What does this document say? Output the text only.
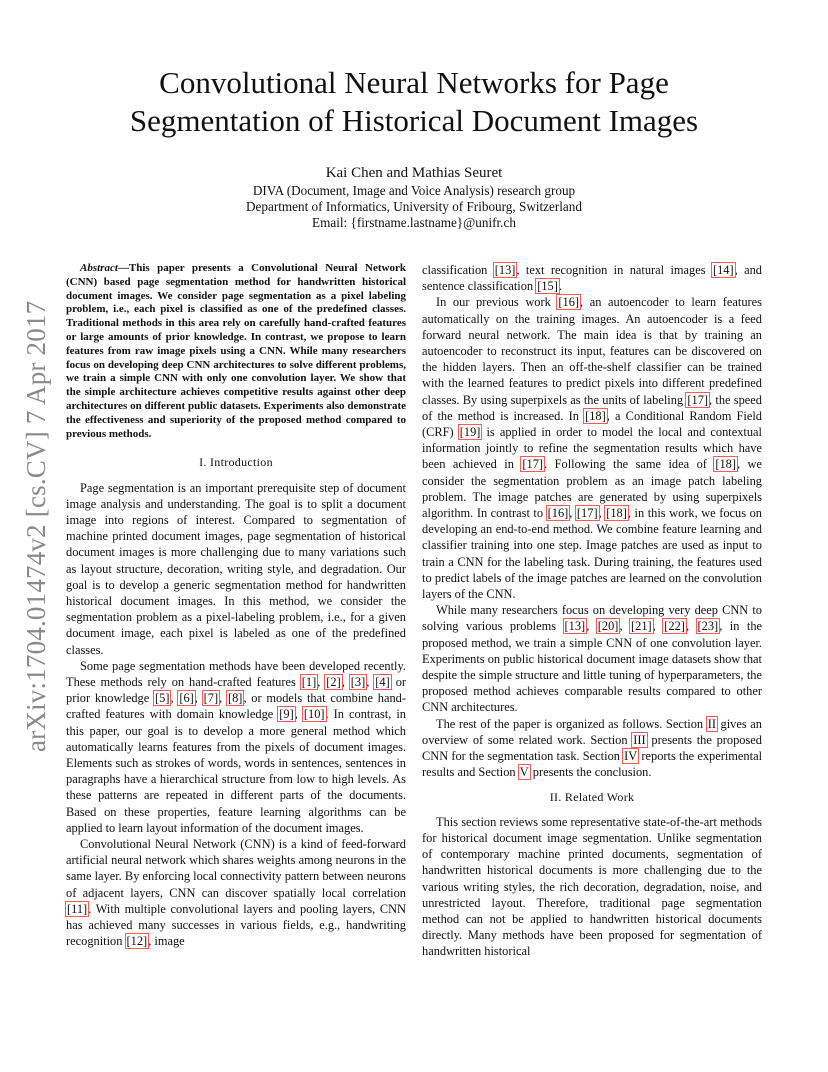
Convolutional Neural Networks for Page
Segmentation of Historical Document Images
Kai Chen and Mathias Seuret
DIVA (Document, Image and Voice Analysis) research group
Department of Informatics, University of Fribourg, Switzerland
Email: {firstname.lastname}@unifr.ch
arXiv:1704.01474v2 [cs.CV] 7 Apr 2017

Abstract—This paper presents a Convolutional Neural Network (CNN) based page segmentation method for handwritten historical document images. We consider page segmentation as a pixel labeling problem, i.e., each pixel is classified as one of the predefined classes. Traditional methods in this area rely on carefully hand-crafted features or large amounts of prior knowledge. In contrast, we propose to learn features from raw image pixels using a CNN. While many researchers focus on developing deep CNN architectures to solve different problems, we train a simple CNN with only one convolution layer. We show that the simple architecture achieves competitive results against other deep architectures on different public datasets. Experiments also demonstrate the effectiveness and superiority of the proposed method compared to previous methods.

I. Introduction

Page segmentation is an important prerequisite step of document image analysis and understanding. The goal is to split a document image into regions of interest. Compared to segmentation of machine printed document images, page segmentation of historical document images is more challenging due to many variations such as layout structure, decoration, writing style, and degradation. Our goal is to develop a generic segmentation method for handwritten historical document images. In this method, we consider the segmentation problem as a pixel-labeling problem, i.e., for a given document image, each pixel is labeled as one of the predefined classes.

Some page segmentation methods have been developed recently. These methods rely on hand-crafted features [1], [2], [3], [4] or prior knowledge [5], [6], [7], [8], or models that combine hand-crafted features with domain knowledge [9], [10]. In contrast, in this paper, our goal is to develop a more general method which automatically learns features from the pixels of document images. Elements such as strokes of words, words in sentences, sentences in paragraphs have a hierarchical structure from low to high levels. As these patterns are repeated in different parts of the documents. Based on these properties, feature learning algorithms can be applied to learn layout information of the document images.

Convolutional Neural Network (CNN) is a kind of feed-forward artificial neural network which shares weights among neurons in the same layer. By enforcing local connectivity pattern between neurons of adjacent layers, CNN can discover spatially local correlation [11]. With multiple convolutional layers and pooling layers, CNN has achieved many successes in various fields, e.g., handwriting recognition [12], image

classification [13], text recognition in natural images [14], and sentence classification [15].

In our previous work [16], an autoencoder to learn features automatically on the training images. An autoencoder is a feed forward neural network. The main idea is that by training an autoencoder to reconstruct its input, features can be discovered on the hidden layers. Then an off-the-shelf classifier can be trained with the learned features to predict pixels into different predefined classes. By using superpixels as the units of labeling [17], the speed of the method is increased. In [18], a Conditional Random Field (CRF) [19] is applied in order to model the local and contextual information jointly to refine the segmentation results which have been achieved in [17]. Following the same idea of [18], we consider the segmentation problem as an image patch labeling problem. The image patches are generated by using superpixels algorithm. In contrast to [16], [17], [18], in this work, we focus on developing an end-to-end method. We combine feature learning and classifier training into one step. Image patches are used as input to train a CNN for the labeling task. During training, the features used to predict labels of the image patches are learned on the convolution layers of the CNN.

While many researchers focus on developing very deep CNN to solving various problems [13], [20], [21], [22], [23], in the proposed method, we train a simple CNN of one convolution layer. Experiments on public historical document image datasets show that despite the simple structure and little tuning of hyperparameters, the proposed method achieves comparable results compared to other CNN architectures.

The rest of the paper is organized as follows. Section II gives an overview of some related work. Section III presents the proposed CNN for the segmentation task. Section IV reports the experimental results and Section V presents the conclusion.

II. Related Work

This section reviews some representative state-of-the-art methods for historical document image segmentation. Unlike segmentation of contemporary machine printed documents, segmentation of handwritten historical documents is more challenging due to the various writing styles, the rich decoration, degradation, noise, and unrestricted layout. Therefore, traditional page segmentation method can not be applied to handwritten historical documents directly. Many methods have been proposed for segmentation of handwritten historical
